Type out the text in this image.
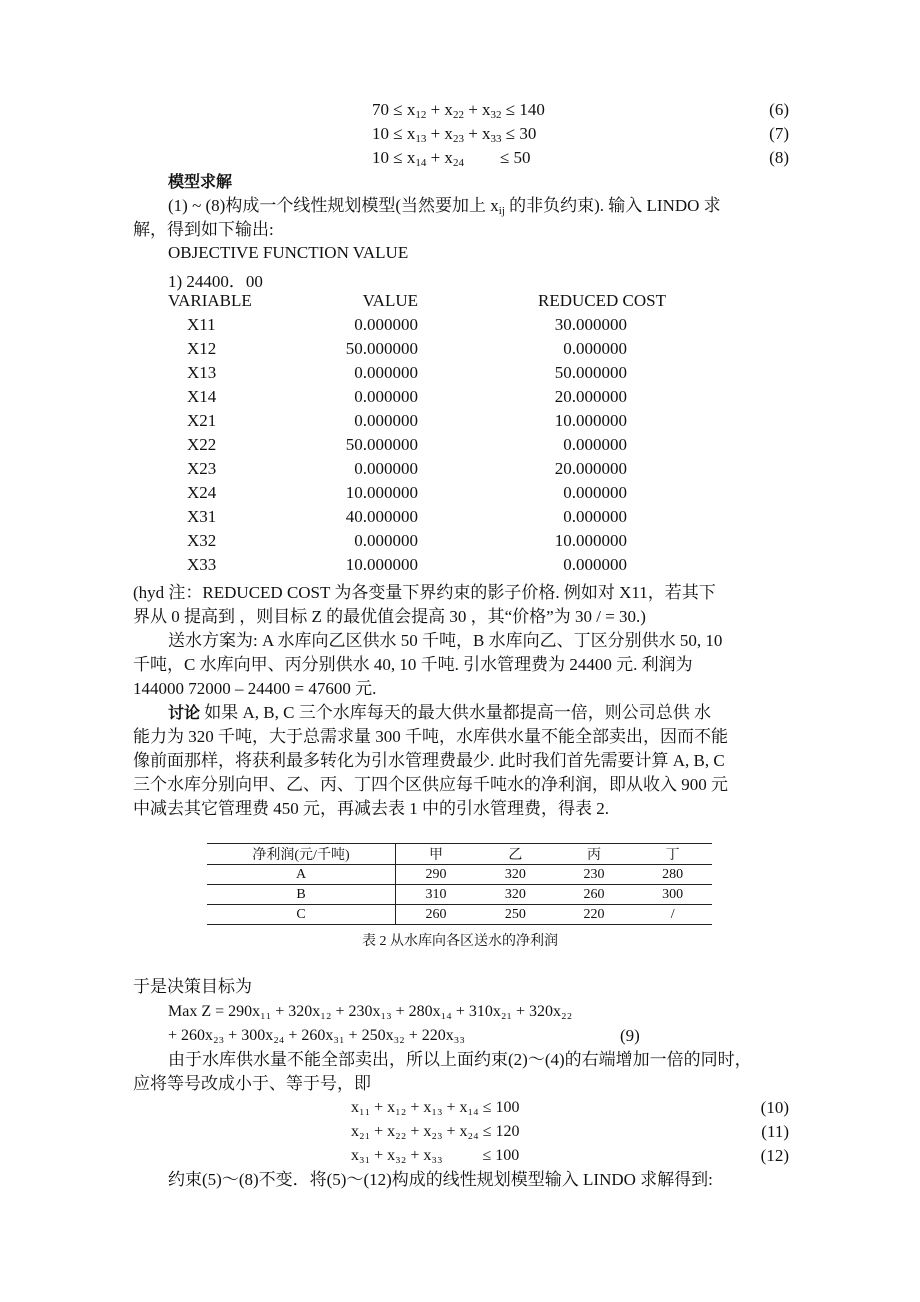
$70 \le x_{12} + x_{22} + x_{32} \le 140$	(6)
$10 \le x_{13} + x_{23} + x_{33} \le 30$	(7)
$10 \le x_{14} + x_{24} \le 50$	(8)
模型求解
(1) ~ (8)构成一个线性规划模型(当然要加上 $x_{ij}$ 的非负约束). 输入 LINDO 求
解，得到如下输出:
OBJECTIVE FUNCTION VALUE
1) 24400．00
VARIABLE	VALUE	REDUCED COST
X11	0.000000	30.000000
X12	50.000000	0.000000
X13	0.000000	50.000000
X14	0.000000	20.000000
X21	0.000000	10.000000
X22	50.000000	0.000000
X23	0.000000	20.000000
X24	10.000000	0.000000
X31	40.000000	0.000000
X32	0.000000	10.000000
X33	10.000000	0.000000
(hyd 注：REDUCED COST 为各变量下界约束的影子价格. 例如对 X11，若其下
界从 0 提高到 ，则目标 Z 的最优值会提高 30 ，其“价格”为 30 / = 30.)
送水方案为: A 水库向乙区供水 50 千吨，B 水库向乙、丁区分别供水 50, 10
千吨，C 水库向甲、丙分别供水 40, 10 千吨. 引水管理费为 24400 元. 利润为
144000 72000 – 24400 = 47600 元.
讨论 如果 A, B, C 三个水库每天的最大供水量都提高一倍，则公司总供 水
能力为 320 千吨，大于总需求量 300 千吨，水库供水量不能全部卖出，因而不能
像前面那样，将获利最多转化为引水管理费最少. 此时我们首先需要计算 A, B, C
三个水库分别向甲、乙、丙、丁四个区供应每千吨水的净利润，即从收入 900 元
中减去其它管理费 450 元，再减去表 1 中的引水管理费，得表 2.
净利润(元/千吨)	甲	乙	丙	丁
A	290	320	230	280
B	310	320	260	300
C	260	250	220	/
表 2 从水库向各区送水的净利润
于是决策目标为
Max Z = 290x₁₁ + 320x₁₂ + 230x₁₃ + 280x₁₄ + 310x₂₁ + 320x₂₂
+ 260x₂₃ + 300x₂₄ + 260x₃₁ + 250x₃₂ + 220x₃₃	(9)
由于水库供水量不能全部卖出，所以上面约束(2)～(4)的右端增加一倍的同时，
应将等号改成小于、等于号，即
x₁₁ + x₁₂ + x₁₃ + x₁₄ ≤ 100	(10)
x₂₁ + x₂₂ + x₂₃ + x₂₄ ≤ 120	(11)
x₃₁ + x₃₂ + x₃₃          ≤ 100	(12)
约束(5)～(8)不变．将(5)～(12)构成的线性规划模型输入 LINDO 求解得到:
